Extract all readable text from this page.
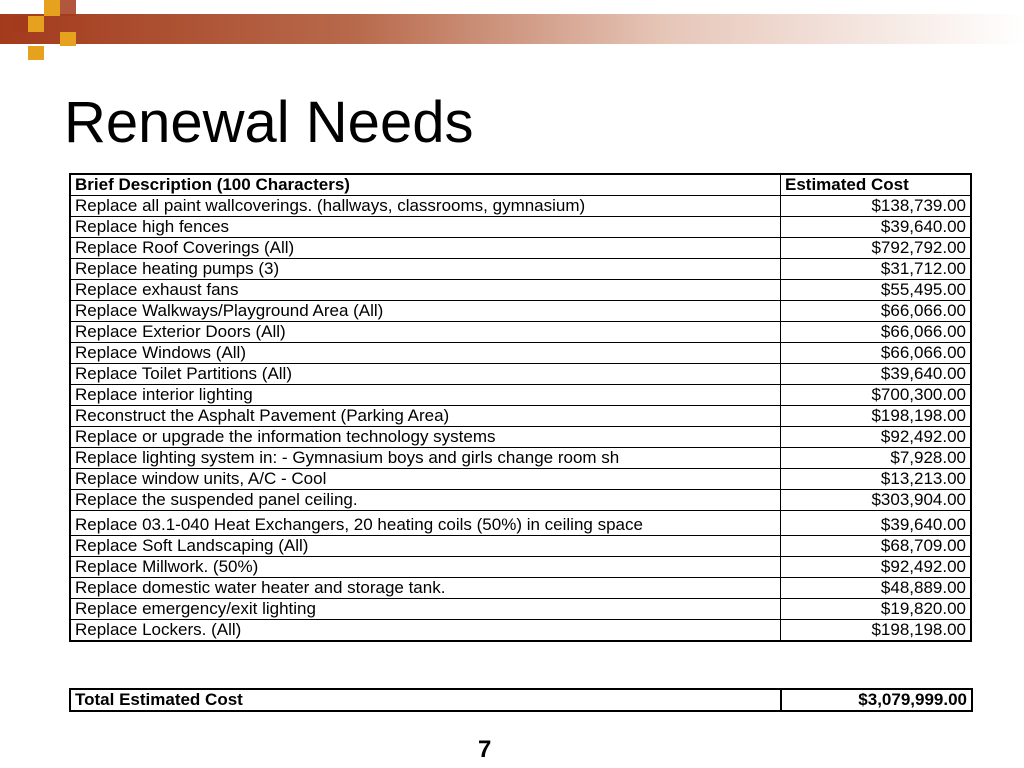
Renewal Needs
Brief Description (100 Characters)	Estimated Cost
Replace all paint wallcoverings. (hallways, classrooms, gymnasium)	$138,739.00
Replace high fences	$39,640.00
Replace Roof Coverings (All)	$792,792.00
Replace heating pumps (3)	$31,712.00
Replace exhaust fans	$55,495.00
Replace Walkways/Playground Area (All)	$66,066.00
Replace Exterior Doors (All)	$66,066.00
Replace Windows (All)	$66,066.00
Replace Toilet Partitions (All)	$39,640.00
Replace interior lighting	$700,300.00
Reconstruct the Asphalt Pavement (Parking Area)	$198,198.00
Replace or upgrade the information technology systems	$92,492.00
Replace lighting system in: - Gymnasium boys and girls change room sh	$7,928.00
Replace window units, A/C - Cool	$13,213.00
Replace the suspended panel ceiling.	$303,904.00
Replace 03.1-040 Heat Exchangers, 20 heating coils (50%) in ceiling space	$39,640.00
Replace Soft Landscaping (All)	$68,709.00
Replace Millwork. (50%)	$92,492.00
Replace domestic water heater and storage tank.	$48,889.00
Replace emergency/exit lighting	$19,820.00
Replace Lockers. (All)	$198,198.00
Total Estimated Cost	$3,079,999.00
7
